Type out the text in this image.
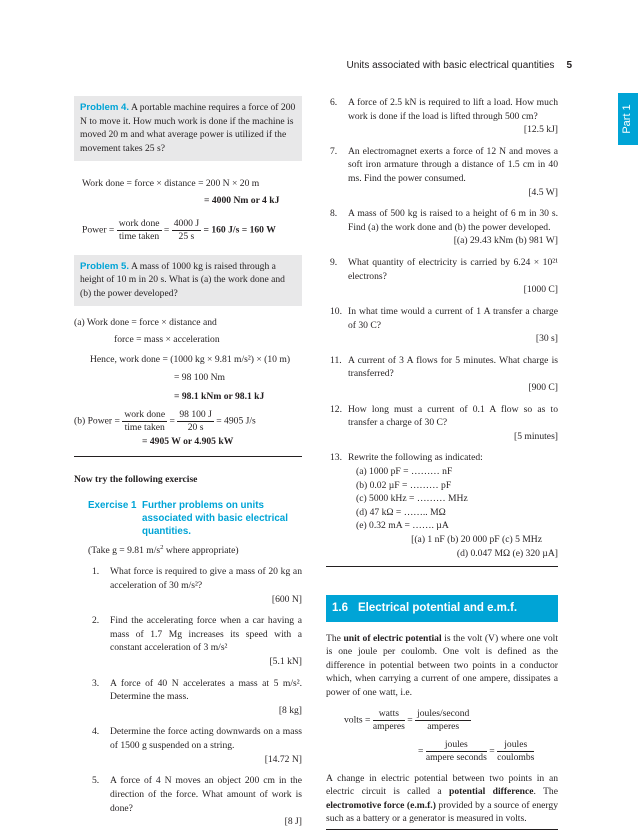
Units associated with basic electrical quantities 5
Part 1

Problem 4. A portable machine requires a force of 200 N to move it. How much work is done if the machine is moved 20 m and what average power is utilized if the movement takes 25 s?

Work done = force × distance = 200 N × 20 m
= 4000 Nm or 4 kJ
Power = $\frac{\text{work done}}{\text{time taken}} = \frac{4000 J}{25 s} = 160$ J/s = 160 W

Problem 5. A mass of 1000 kg is raised through a height of 10 m in 20 s. What is (a) the work done and (b) the power developed?

(a) Work done = force × distance and
force = mass × acceleration
Hence, work done = (1000 kg × 9.81 m/s²) × (10 m)
= 98 100 Nm
= 98.1 kNm or 98.1 kJ
(b) Power = $\frac{\text{work done}}{\text{time taken}} = \frac{98 100 J}{20 s} = 4905$ J/s
= 4905 W or 4.905 kW
Now try the following exercise
Exercise 1 Further problems on units associated with basic electrical quantities.
(Take g = 9.81 $m/s^2$ where appropriate)
1. What force is required to give a mass of 20 kg an acceleration of 30 m/s²?
[600 N]
2. Find the accelerating force when a car having a mass of 1.7 Mg increases its speed with a constant acceleration of 3 m/s²
[5.1 kN]
3. A force of 40 N accelerates a mass at 5 m/s². Determine the mass.
[8 kg]
4. Determine the force acting downwards on a mass of 1500 g suspended on a string.
[14.72 N]
5. A force of 4 N moves an object 200 cm in the direction of the force. What amount of work is done?
[8 J]
6. A force of 2.5 kN is required to lift a load. How much work is done if the load is lifted through 500 cm?
[12.5 kJ]
7. An electromagnet exerts a force of 12 N and moves a soft iron armature through a distance of 1.5 cm in 40 ms. Find the power consumed.
[4.5 W]
8. A mass of 500 kg is raised to a height of 6 m in 30 s. Find (a) the work done and (b) the power developed.
[(a) 29.43 kNm (b) 981 W]
9. What quantity of electricity is carried by 6.24 × 10²¹ electrons?
[1000 C]
10. In what time would a current of 1 A transfer a charge of 30 C?
[30 s]
11. A current of 3 A flows for 5 minutes. What charge is transferred?
[900 C]
12. How long must a current of 0.1 A flow so as to transfer a charge of 30 C?
[5 minutes]
13. Rewrite the following as indicated:
(a) 1000 pF = ……… nF
(b) 0.02 µF = ……… pF
(c) 5000 kHz = ……… MHz
(d) 47 kΩ = …….. MΩ
(e) 0.32 mA = ……. µA
[(a) 1 nF (b) 20 000 pF (c) 5 MHz
(d) 0.047 MΩ (e) 320 µA]
1.6 Electrical potential and e.m.f.

The unit of electric potential is the volt (V) where one volt is one joule per coulomb. One volt is defined as the difference in potential between two points in a conductor which, when carrying a current of one ampere, dissipates a power of one watt, i.e.

volts = $\frac{\text{watts}}{\text{amperes}} = \frac{\text{joules/second}}{\text{amperes}}$
= $\frac{\text{joules}}{\text{ampere seconds}} = \frac{\text{joules}}{\text{coulombs}}$

A change in electric potential between two points in an electric circuit is called a potential difference. The electromotive force (e.m.f.) provided by a source of energy such as a battery or a generator is measured in volts.
